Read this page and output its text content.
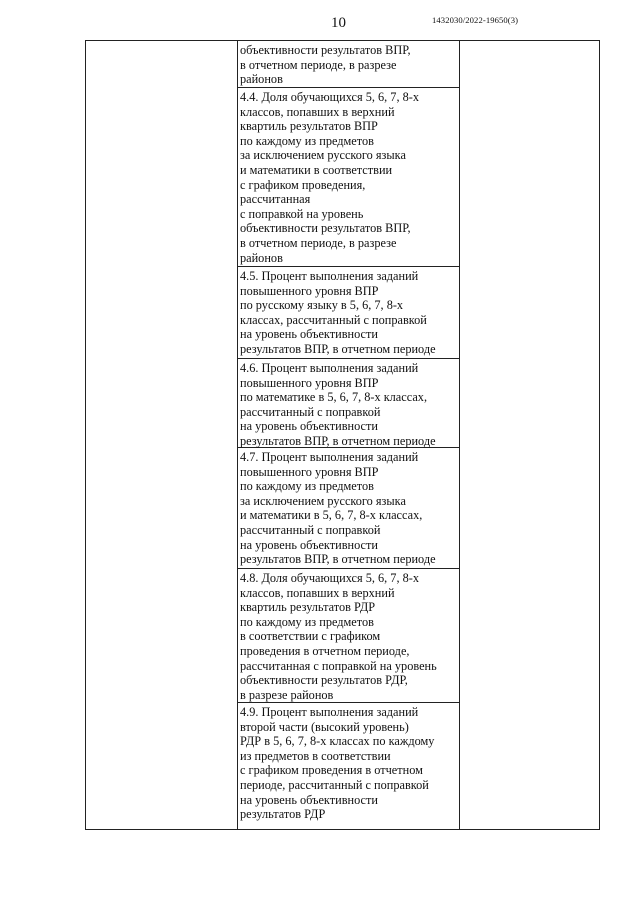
10	1432030/2022-19650(3)
объективности результатов ВПР,
в отчетном периоде, в разрезе
районов
4.4. Доля обучающихся 5, 6, 7, 8-х
классов, попавших в верхний
квартиль результатов ВПР
по каждому из предметов
за исключением русского языка
и математики в соответствии
с графиком проведения,
рассчитанная
с поправкой на уровень
объективности результатов ВПР,
в отчетном периоде, в разрезе
районов
4.5. Процент выполнения заданий
повышенного уровня ВПР
по русскому языку в 5, 6, 7, 8-х
классах, рассчитанный с поправкой
на уровень объективности
результатов ВПР, в отчетном периоде
4.6. Процент выполнения заданий
повышенного уровня ВПР
по математике в 5, 6, 7, 8-х классах,
рассчитанный с поправкой
на уровень объективности
результатов ВПР, в отчетном периоде
4.7. Процент выполнения заданий
повышенного уровня ВПР
по каждому из предметов
за исключением русского языка
и математики в 5, 6, 7, 8-х классах,
рассчитанный с поправкой
на уровень объективности
результатов ВПР, в отчетном периоде
4.8. Доля обучающихся 5, 6, 7, 8-х
классов, попавших в верхний
квартиль результатов РДР
по каждому из предметов
в соответствии с графиком
проведения в отчетном периоде,
рассчитанная с поправкой на уровень
объективности результатов РДР,
в разрезе районов
4.9. Процент выполнения заданий
второй части (высокий уровень)
РДР в 5, 6, 7, 8-х классах по каждому
из предметов в соответствии
с графиком проведения в отчетном
периоде, рассчитанный с поправкой
на уровень объективности
результатов РДР
